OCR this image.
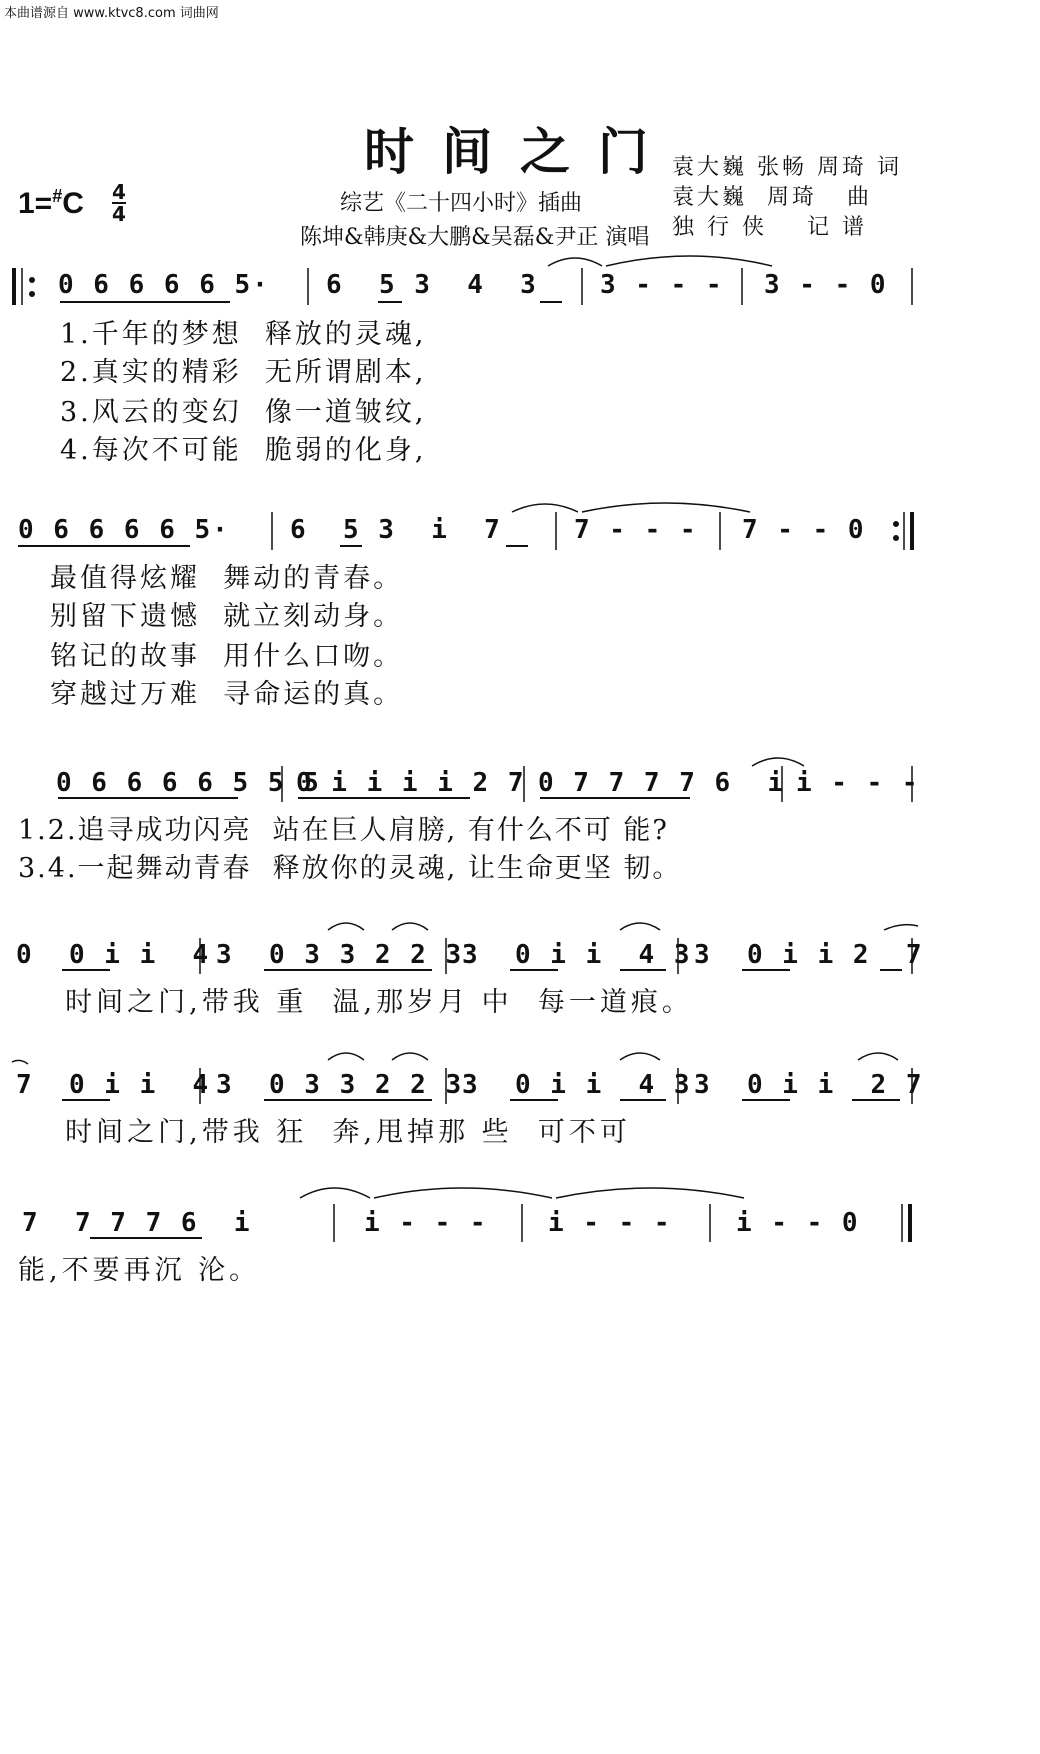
本曲谱源自 www.ktvc8.com 词曲网
时间之门
1=#C 4
4	综艺《二十四小时》插曲
陈坤&韩庚&大鹏&吴磊&尹正 演唱
袁大巍 张畅 周琦 词
袁大巍  周琦   曲
独 行 侠    记 谱
0 6 6 6 6 5· 6  5 3  4  3 3 - - - 3 - - 0
1.千年的梦想  释放的灵魂,
2.真实的精彩  无所谓剧本,
3.风云的变幻  像一道皱纹,
4.每次不可能  脆弱的化身,
0 6 6 6 6 5· 6  5 3  i  7	7 - - - 7 - - 0
最值得炫耀  舞动的青春。
别留下遗憾  就立刻动身。
铭记的故事  用什么口吻。
穿越过万难  寻命运的真。
0 6 6 6 6 5 5 5
0 i i i i 2 7 0 7 7 7 7 6  i i - - -
1.2.追寻成功闪亮  站在巨人肩膀, 有什么不可 能?
3.4.一起舞动青春  释放你的灵魂, 让生命更坚 韧。
0  0 i i  4 3  0 3 3 2 2 3
3  0 i i  4 3 3  0 i i 2  7
时间之门,带我 重  温,那岁月 中  每一道痕。
7  0 i i  4 3  0 3 3 2 2 3
3  0 i i  4 3 3  0 i i  2 7
时间之门,带我 狂  奔,甩掉那 些  可不可
7  7 7 7 6  i	i - - - i - - - i - - 0
能,不要再沉 沦。
